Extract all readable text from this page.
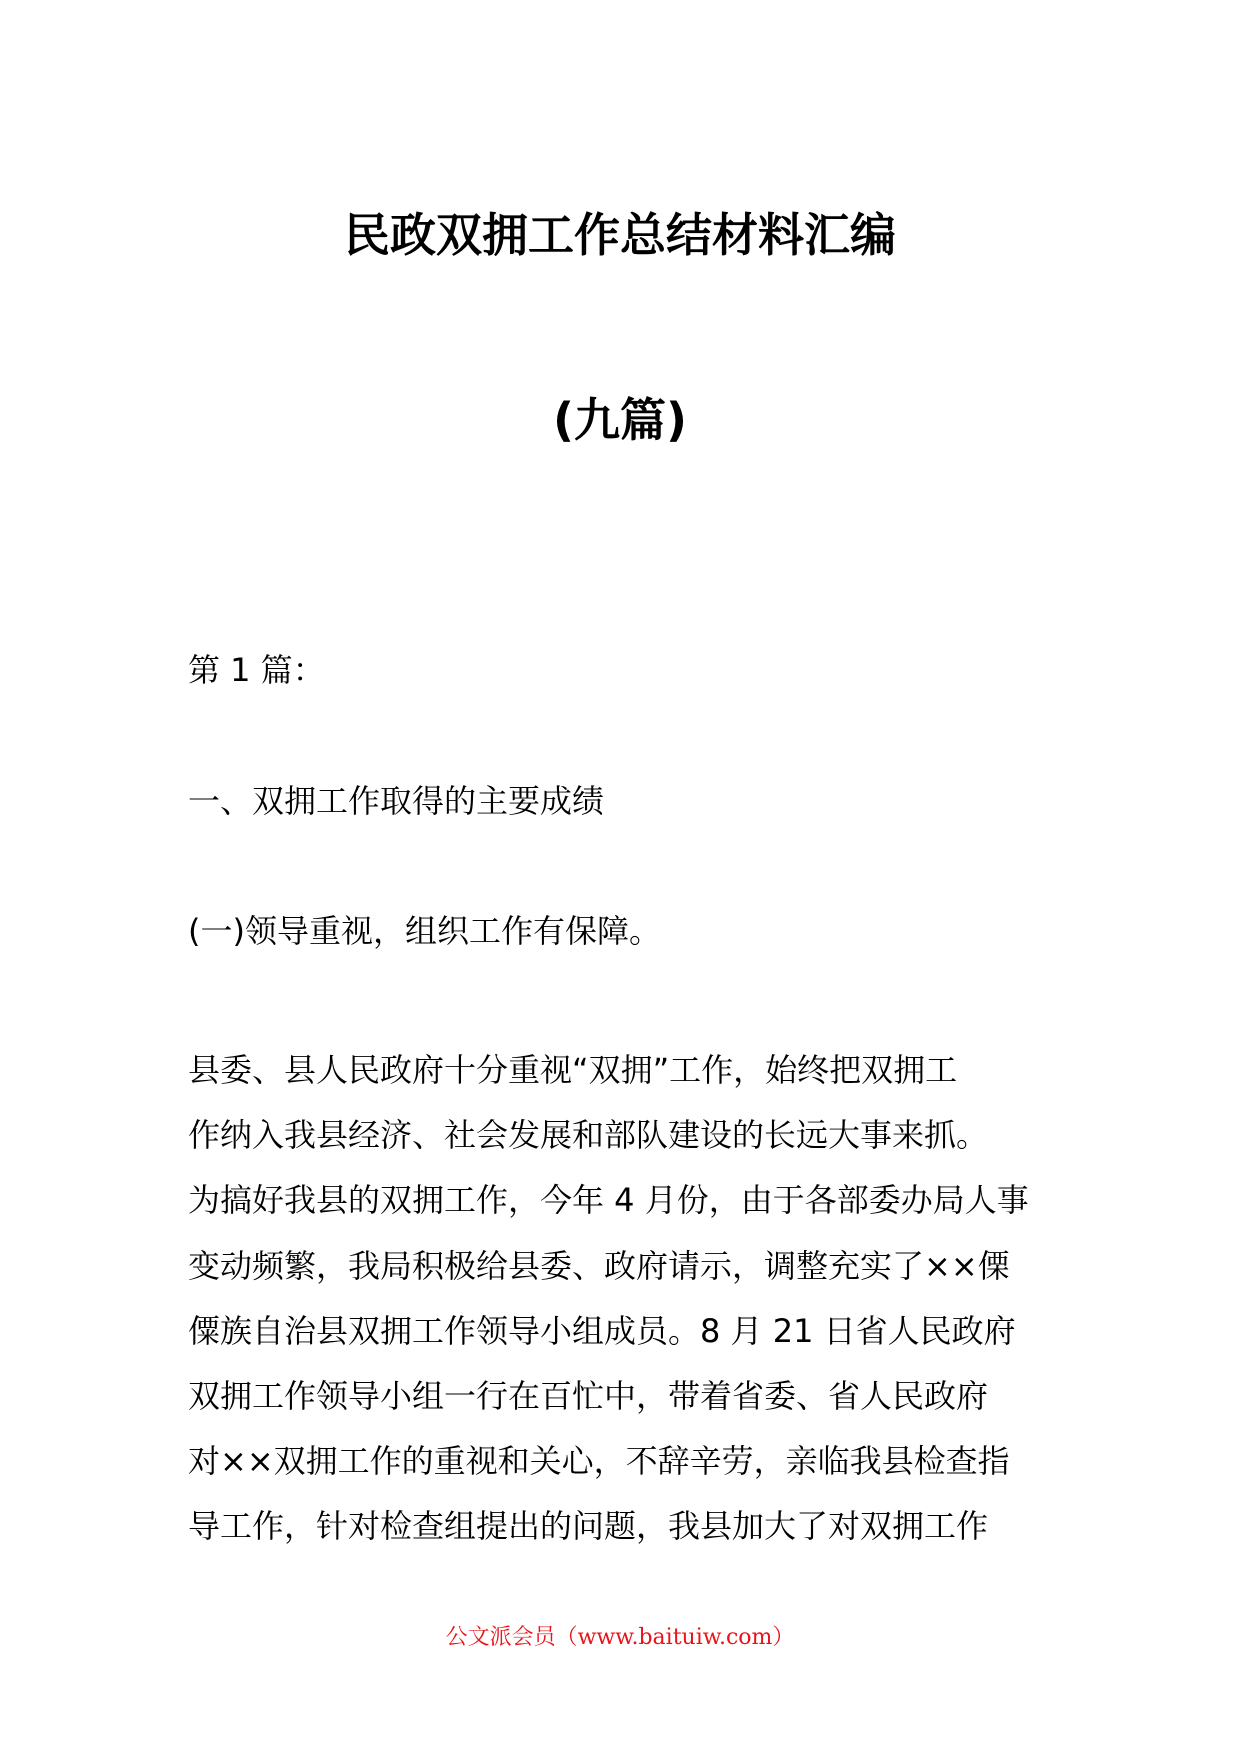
民政双拥工作总结材料汇编
(九篇)

第 1 篇：

一、双拥工作取得的主要成绩

(一)领导重视，组织工作有保障。

县委、县人民政府十分重视“双拥”工作，始终把双拥工
作纳入我县经济、社会发展和部队建设的长远大事来抓。
为搞好我县的双拥工作，今年 4 月份，由于各部委办局人事
变动频繁，我局积极给县委、政府请示，调整充实了××傈
僳族自治县双拥工作领导小组成员。8 月 21 日省人民政府
双拥工作领导小组一行在百忙中，带着省委、省人民政府
对××双拥工作的重视和关心，不辞辛劳，亲临我县检查指
导工作，针对检查组提出的问题，我县加大了对双拥工作

公文派会员（www.baituiw.com）
